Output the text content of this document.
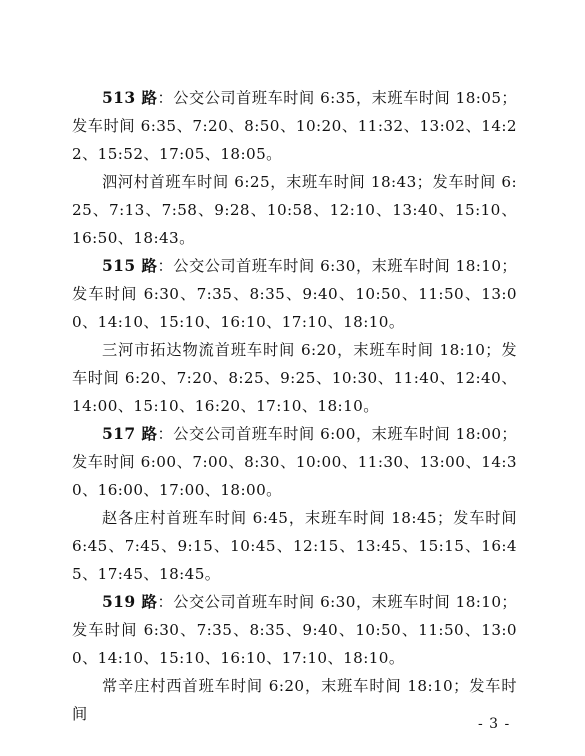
513 路：公交公司首班车时间 6:35，末班车时间 18:05；发车时间 6:35、7:20、8:50、10:20、11:32、13:02、14:22、15:52、17:05、18:05。

泗河村首班车时间 6:25，末班车时间 18:43；发车时间 6:25、7:13、7:58、9:28、10:58、12:10、13:40、15:10、16:50、18:43。

515 路：公交公司首班车时间 6:30，末班车时间 18:10；发车时间 6:30、7:35、8:35、9:40、10:50、11:50、13:00、14:10、15:10、16:10、17:10、18:10。

三河市拓达物流首班车时间 6:20，末班车时间 18:10；发车时间 6:20、7:20、8:25、9:25、10:30、11:40、12:40、14:00、15:10、16:20、17:10、18:10。

517 路：公交公司首班车时间 6:00，末班车时间 18:00；发车时间 6:00、7:00、8:30、10:00、11:30、13:00、14:30、16:00、17:00、18:00。

赵各庄村首班车时间 6:45，末班车时间 18:45；发车时间 6:45、7:45、9:15、10:45、12:15、13:45、15:15、16:45、17:45、18:45。

519 路：公交公司首班车时间 6:30，末班车时间 18:10；发车时间 6:30、7:35、8:35、9:40、10:50、11:50、13:00、14:10、15:10、16:10、17:10、18:10。

常辛庄村西首班车时间 6:20，末班车时间 18:10；发车时间

- 3 -
